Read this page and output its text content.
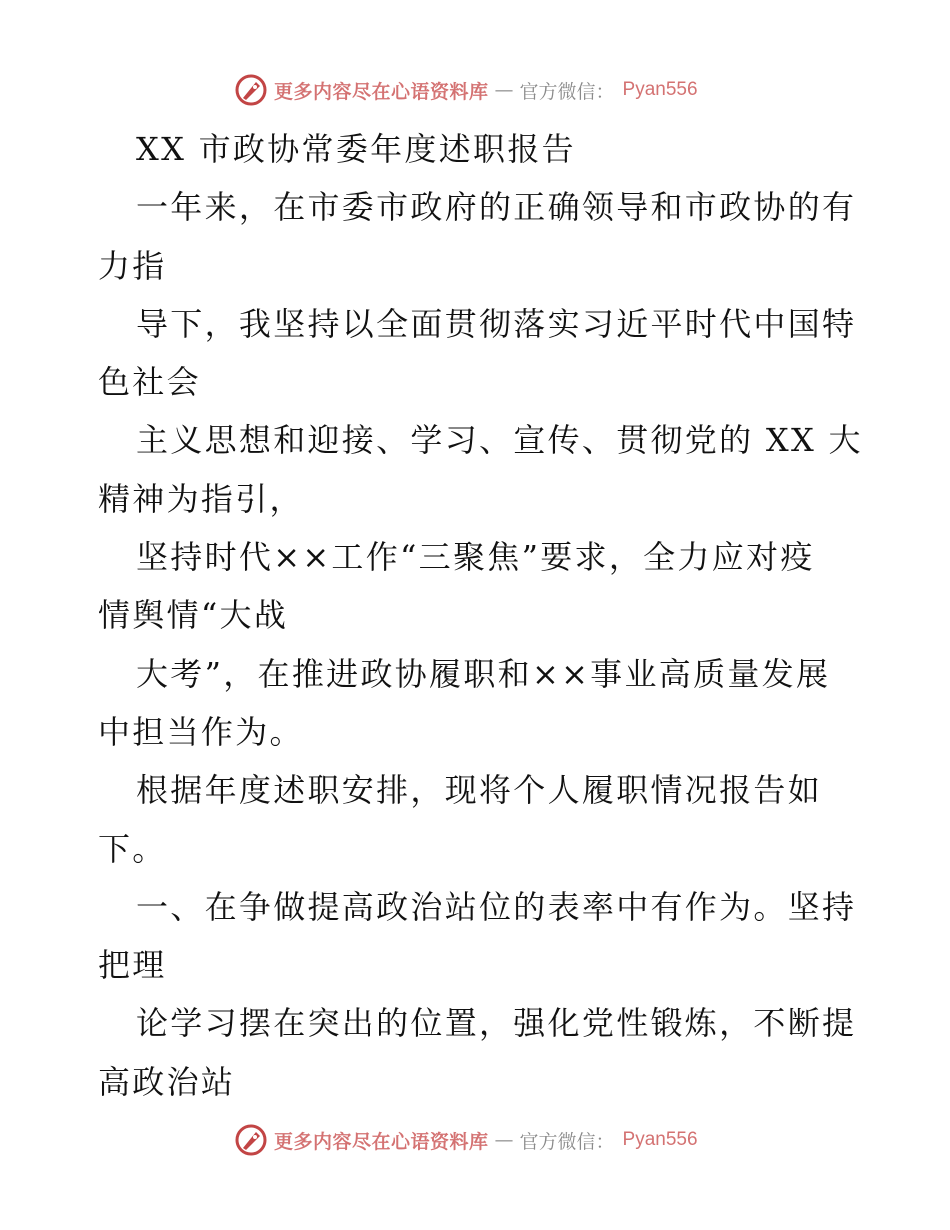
更多内容尽在心语资料库 — 官方微信： Pyan556
XX 市政协常委年度述职报告
一年来，在市委市政府的正确领导和市政协的有
力指
导下，我坚持以全面贯彻落实习近平时代中国特
色社会
主义思想和迎接、学习、宣传、贯彻党的 XX 大
精神为指引，
坚持时代××工作“三聚焦”要求，全力应对疫
情舆情“大战
大考”，在推进政协履职和××事业高质量发展
中担当作为。
根据年度述职安排，现将个人履职情况报告如
下。
一、在争做提高政治站位的表率中有作为。坚持
把理
论学习摆在突出的位置，强化党性锻炼，不断提
高政治站
更多内容尽在心语资料库 — 官方微信： Pyan556
